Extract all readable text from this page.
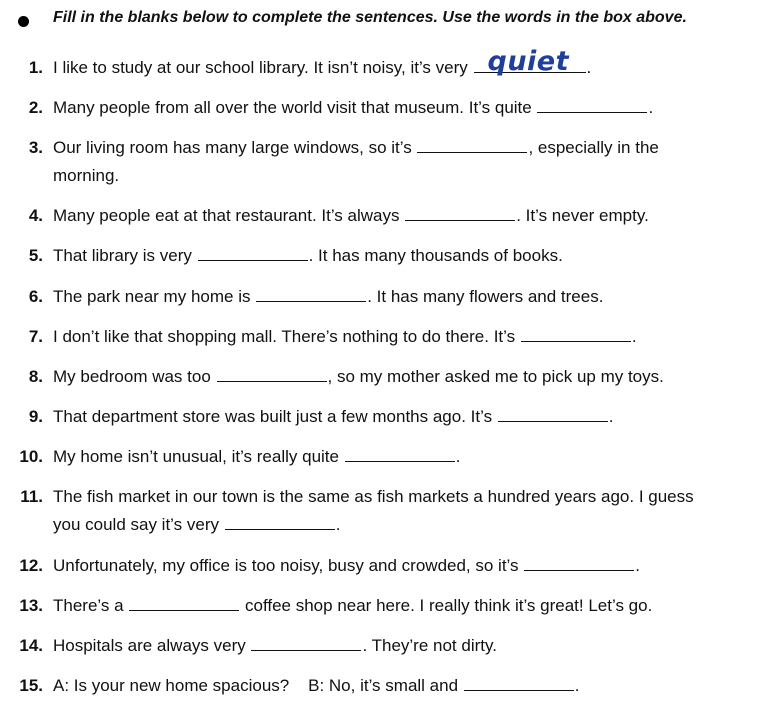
Fill in the blanks below to complete the sentences. Use the words in the box above.
1. I like to study at our school library. It isn’t noisy, it’s very quiet .
2. Many people from all over the world visit that museum. It’s quite	.
3. Our living room has many large windows, so it’s	, especially in the
morning.
4. Many people eat at that restaurant. It’s always	. It’s never empty.
5. That library is very	. It has many thousands of books.
6. The park near my home is	. It has many flowers and trees.
7. I don’t like that shopping mall. There’s nothing to do there. It’s	.
8. My bedroom was too	, so my mother asked me to pick up my toys.
9. That department store was built just a few months ago. It’s	.
10. My home isn’t unusual, it’s really quite	.
11. The fish market in our town is the same as fish markets a hundred years ago. I guess
you could say it’s very	.
12. Unfortunately, my office is too noisy, busy and crowded, so it’s	.
13. There’s a	coffee shop near here. I really think it’s great! Let’s go.
14. Hospitals are always very	. They’re not dirty.
15. A: Is your new home spacious?    B: No, it’s small and	.
